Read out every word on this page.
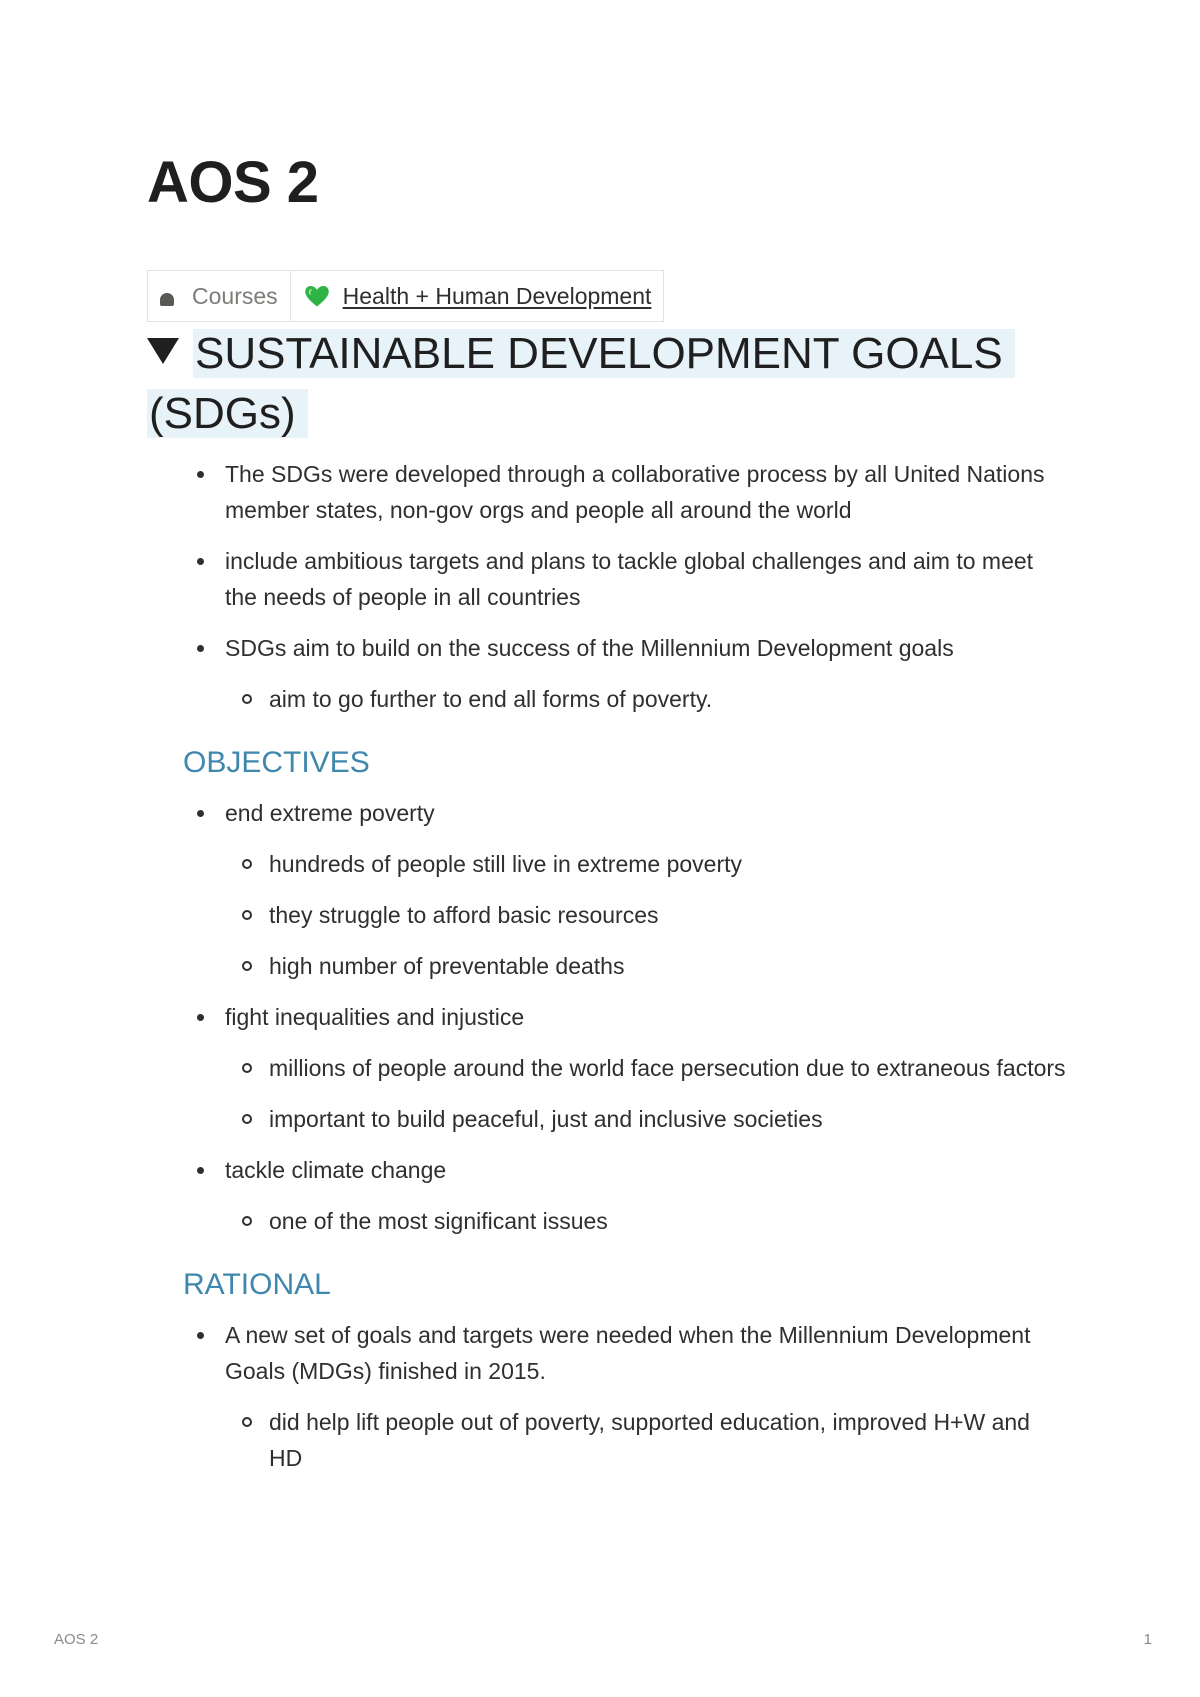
AOS 2
Courses	Health + Human Development
SUSTAINABLE DEVELOPMENT GOALS
(SDGs)
The SDGs were developed through a collaborative process by all United Nations member states, non-gov orgs and people all around the world
include ambitious targets and plans to tackle global challenges and aim to meet the needs of people in all countries
SDGs aim to build on the success of the Millennium Development goals
aim to go further to end all forms of poverty.
OBJECTIVES
end extreme poverty
hundreds of people still live in extreme poverty
they struggle to afford basic resources
high number of preventable deaths
fight inequalities and injustice
millions of people around the world face persecution due to extraneous factors
important to build peaceful, just and inclusive societies
tackle climate change
one of the most significant issues
RATIONAL
A new set of goals and targets were needed when the Millennium Development Goals (MDGs) finished in 2015.
did help lift people out of poverty, supported education, improved H+W and HD
AOS 2	1
